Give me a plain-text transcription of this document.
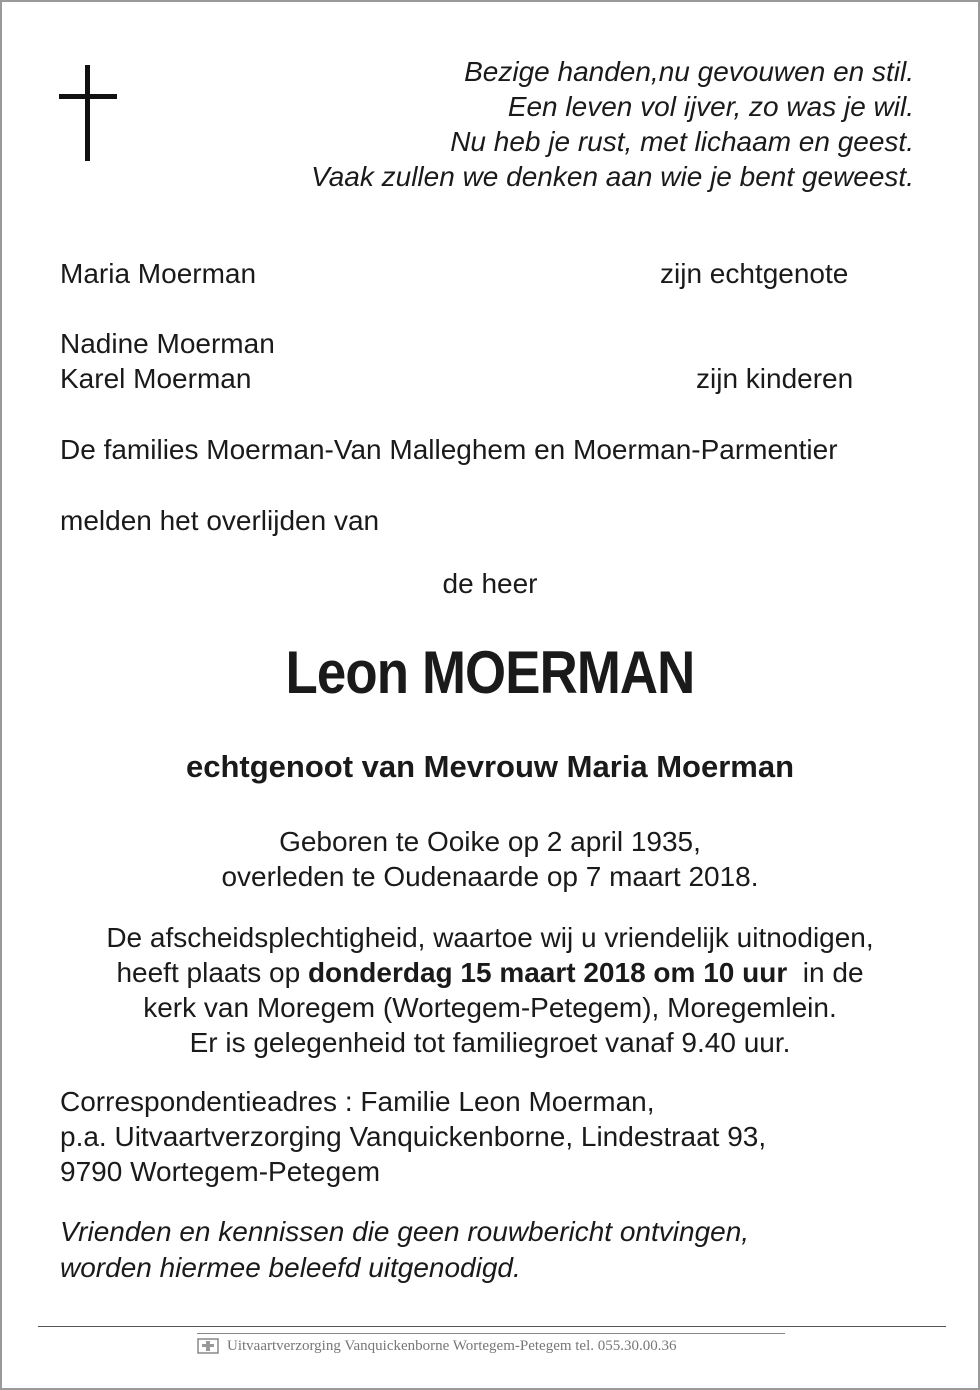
Bezige handen,nu gevouwen en stil.
Een leven vol ijver, zo was je wil.
Nu heb je rust, met lichaam en geest.
Vaak zullen we denken aan wie je bent geweest.
Maria Moerman	zijn echtgenote
Nadine Moerman
Karel Moerman	zijn kinderen
De families Moerman-Van Malleghem en Moerman-Parmentier
melden het overlijden van
de heer
Leon MOERMAN
echtgenoot van Mevrouw Maria Moerman
Geboren te Ooike op 2 april 1935,
overleden te Oudenaarde op 7 maart 2018.
De afscheidsplechtigheid, waartoe wij u vriendelijk uitnodigen,
heeft plaats op donderdag 15 maart 2018 om 10 uur  in de
kerk van Moregem (Wortegem-Petegem), Moregemlein.
Er is gelegenheid tot familiegroet vanaf 9.40 uur.
Correspondentieadres : Familie Leon Moerman,
p.a. Uitvaartverzorging Vanquickenborne, Lindestraat 93,
9790 Wortegem-Petegem
Vrienden en kennissen die geen rouwbericht ontvingen,
worden hiermee beleefd uitgenodigd.
Uitvaartverzorging Vanquickenborne Wortegem-Petegem tel. 055.30.00.36
